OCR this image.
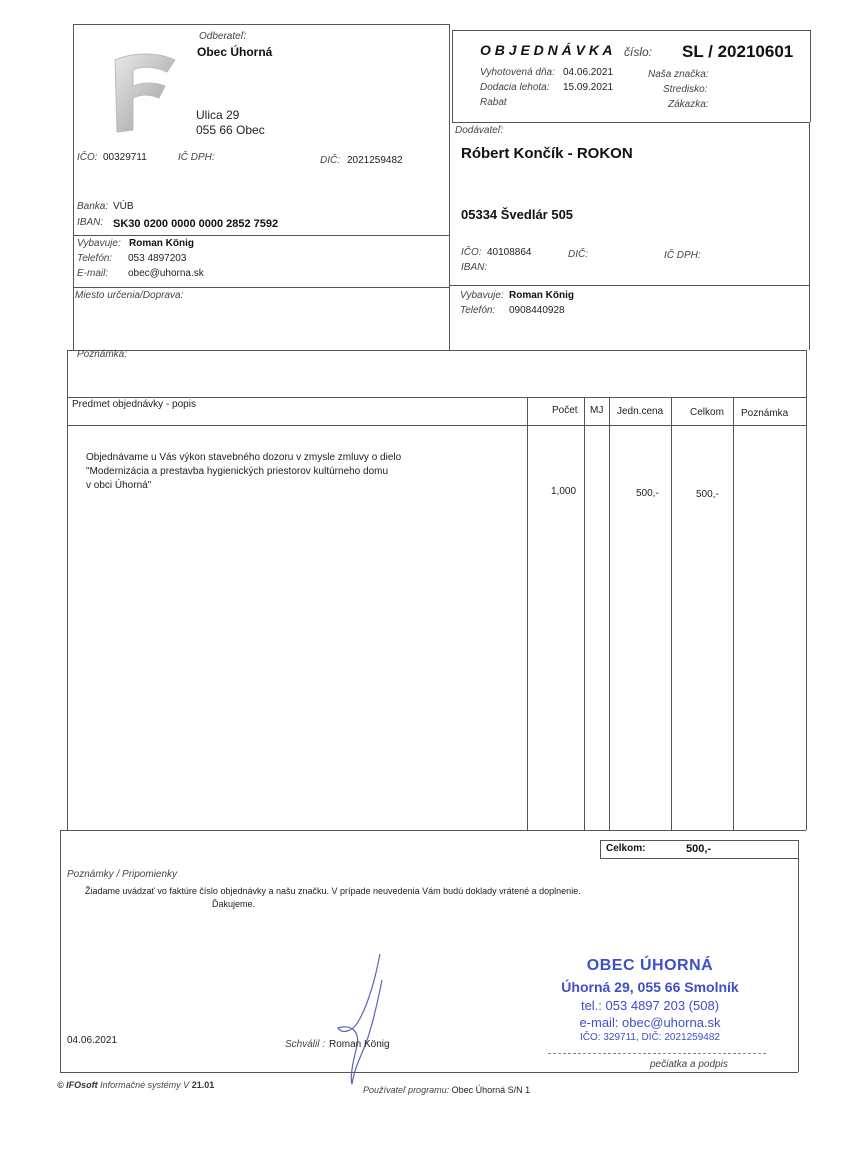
Odberateľ:
Obec Úhorná
Ulica 29
055 66 Obec
IČO: 00329711	IČ DPH:	DIČ: 2021259482
Banka: VÚB
IBAN: SK30 0200 0000 0000 2852 7592
Vybavuje: Roman König
Telefón: 053 4897203
E-mail: obec@uhorna.sk
Miesto určenia/Doprava:
O B J E D N Á V K A číslo: SL / 20210601
Vyhotovená dňa: 04.06.2021
Dodacia lehota: 15.09.2021
Rabat
Naša značka:
Stredisko:
Zákazka:
Dodávateľ:
Róbert Končík - ROKON
05334 Švedlár 505
IČO: 40108864	DIČ:	IČ DPH:
IBAN:
Vybavuje: Roman König
Telefón: 0908440928
Poznámka:
Predmet objednávky - popis
Počet MJ Jedn.cena	Celkom Poznámka
Objednávame u Vás výkon stavebného dozoru v zmysle zmluvy o dielo
"Modernizácia a prestavba hygienických priestorov kultúrneho domu
v obci Úhorná"
1,000	500,-	500,-
Celkom:	500,-
Poznámky / Pripomienky
Žiadame uvádzať vo faktúre číslo objednávky a našu značku. V prípade neuvedenia Vám budú doklady vrátené a doplnenie.
Ďakujeme.
OBEC ÚHORNÁ
Úhorná 29, 055 66 Smolník
tel.: 053 4897 203 (508)
e-mail: obec@uhorna.sk
IČO: 329711, DIČ: 2021259482
04.06.2021	Schválil : Roman König
pečiatka a podpis
© IFOsoft Informačné systémy V 21.01	Používateľ programu: Obec Úhorná S/N 1
